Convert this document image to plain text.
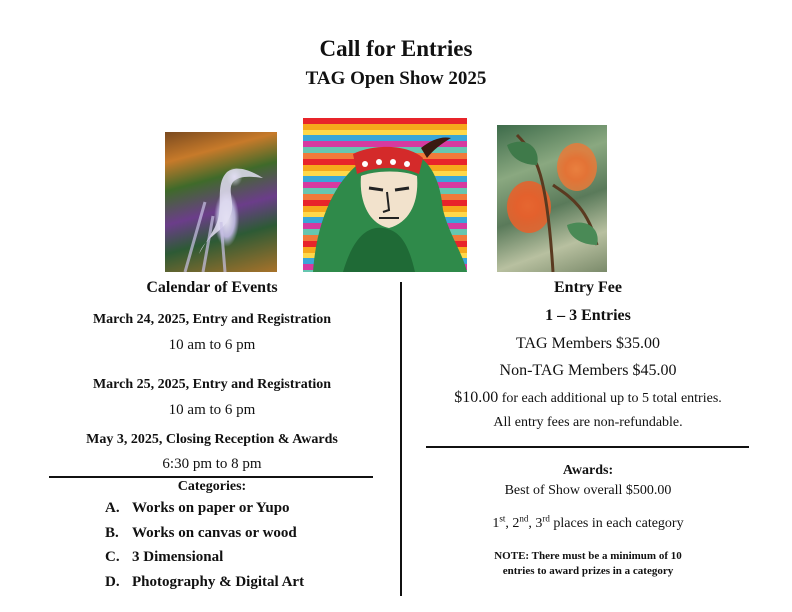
Call for Entries
TAG Open Show 2025
Calendar of Events
March 24, 2025, Entry and Registration
10 am to 6 pm
March 25, 2025, Entry and Registration
10 am to 6 pm
May 3, 2025, Closing Reception & Awards
6:30 pm to 8 pm
Categories:
A. Works on paper or Yupo
B. Works on canvas or wood
C. 3 Dimensional
D. Photography & Digital Art
Entry Fee
1 – 3 Entries
TAG Members $35.00
Non-TAG Members $45.00
$10.00 for each additional up to 5 total entries.
All entry fees are non-refundable.
Awards:
Best of Show overall $500.00
1st, 2nd, 3rd places in each category
NOTE: There must be a minimum of 10
entries to award prizes in a category
